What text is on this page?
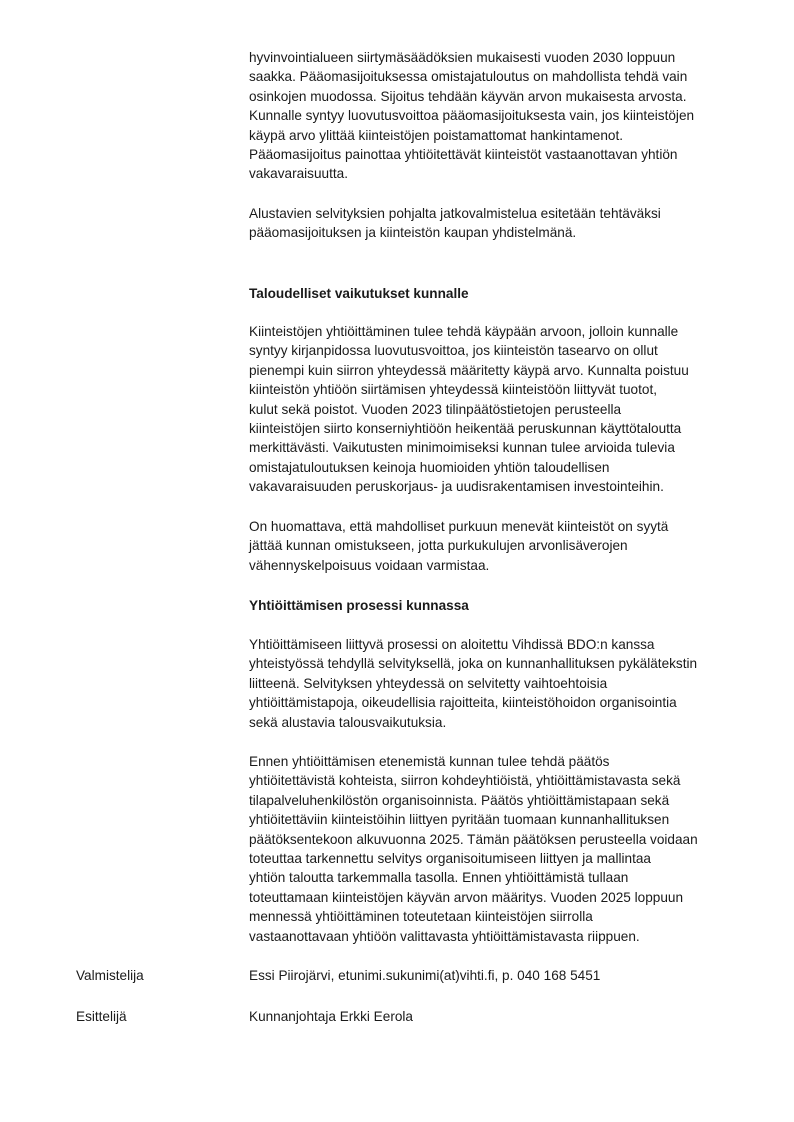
hyvinvointialueen siirtymäsäädöksien mukaisesti vuoden 2030 loppuun
saakka. Pääomasijoituksessa omistajatuloutus on mahdollista tehdä vain
osinkojen muodossa. Sijoitus tehdään käyvän arvon mukaisesta arvosta.
Kunnalle syntyy luovutusvoittoa pääomasijoituksesta vain, jos kiinteistöjen
käypä arvo ylittää kiinteistöjen poistamattomat hankintamenot.
Pääomasijoitus painottaa yhtiöitettävät kiinteistöt vastaanottavan yhtiön
vakavaraisuutta.

Alustavien selvityksien pohjalta jatkovalmistelua esitetään tehtäväksi
pääomasijoituksen ja kiinteistön kaupan yhdistelmänä.

Taloudelliset vaikutukset kunnalle

Kiinteistöjen yhtiöittäminen tulee tehdä käypään arvoon, jolloin kunnalle
syntyy kirjanpidossa luovutusvoittoa, jos kiinteistön tasearvo on ollut
pienempi kuin siirron yhteydessä määritetty käypä arvo. Kunnalta poistuu
kiinteistön yhtiöön siirtämisen yhteydessä kiinteistöön liittyvät tuotot,
kulut sekä poistot. Vuoden 2023 tilinpäätöstietojen perusteella
kiinteistöjen siirto konserniyhtiöön heikentää peruskunnan käyttötaloutta
merkittävästi. Vaikutusten minimoimiseksi kunnan tulee arvioida tulevia
omistajatuloutuksen keinoja huomioiden yhtiön taloudellisen
vakavaraisuuden peruskorjaus- ja uudisrakentamisen investointeihin.

On huomattava, että mahdolliset purkuun menevät kiinteistöt on syytä
jättää kunnan omistukseen, jotta purkukulujen arvonlisäverojen
vähennyskelpoisuus voidaan varmistaa.

Yhtiöittämisen prosessi kunnassa

Yhtiöittämiseen liittyvä prosessi on aloitettu Vihdissä BDO:n kanssa
yhteistyössä tehdyllä selvityksellä, joka on kunnanhallituksen pykälätekstin
liitteenä. Selvityksen yhteydessä on selvitetty vaihtoehtoisia
yhtiöittämistapoja, oikeudellisia rajoitteita, kiinteistöhoidon organisointia
sekä alustavia talousvaikutuksia.

Ennen yhtiöittämisen etenemistä kunnan tulee tehdä päätös
yhtiöitettävistä kohteista, siirron kohdeyhtiöistä, yhtiöittämistavasta sekä
tilapalveluhenkilöstön organisoinnista. Päätös yhtiöittämistapaan sekä
yhtiöitettäviin kiinteistöihin liittyen pyritään tuomaan kunnanhallituksen
päätöksentekoon alkuvuonna 2025. Tämän päätöksen perusteella voidaan
toteuttaa tarkennettu selvitys organisoitumiseen liittyen ja mallintaa
yhtiön taloutta tarkemmalla tasolla. Ennen yhtiöittämistä tullaan
toteuttamaan kiinteistöjen käyvän arvon määritys. Vuoden 2025 loppuun
mennessä yhtiöittäminen toteutetaan kiinteistöjen siirrolla
vastaanottavaan yhtiöön valittavasta yhtiöittämistavasta riippuen.

Valmistelija	Essi Piirojärvi, etunimi.sukunimi(at)vihti.fi, p. 040 168 5451
Esittelijä	Kunnanjohtaja Erkki Eerola
